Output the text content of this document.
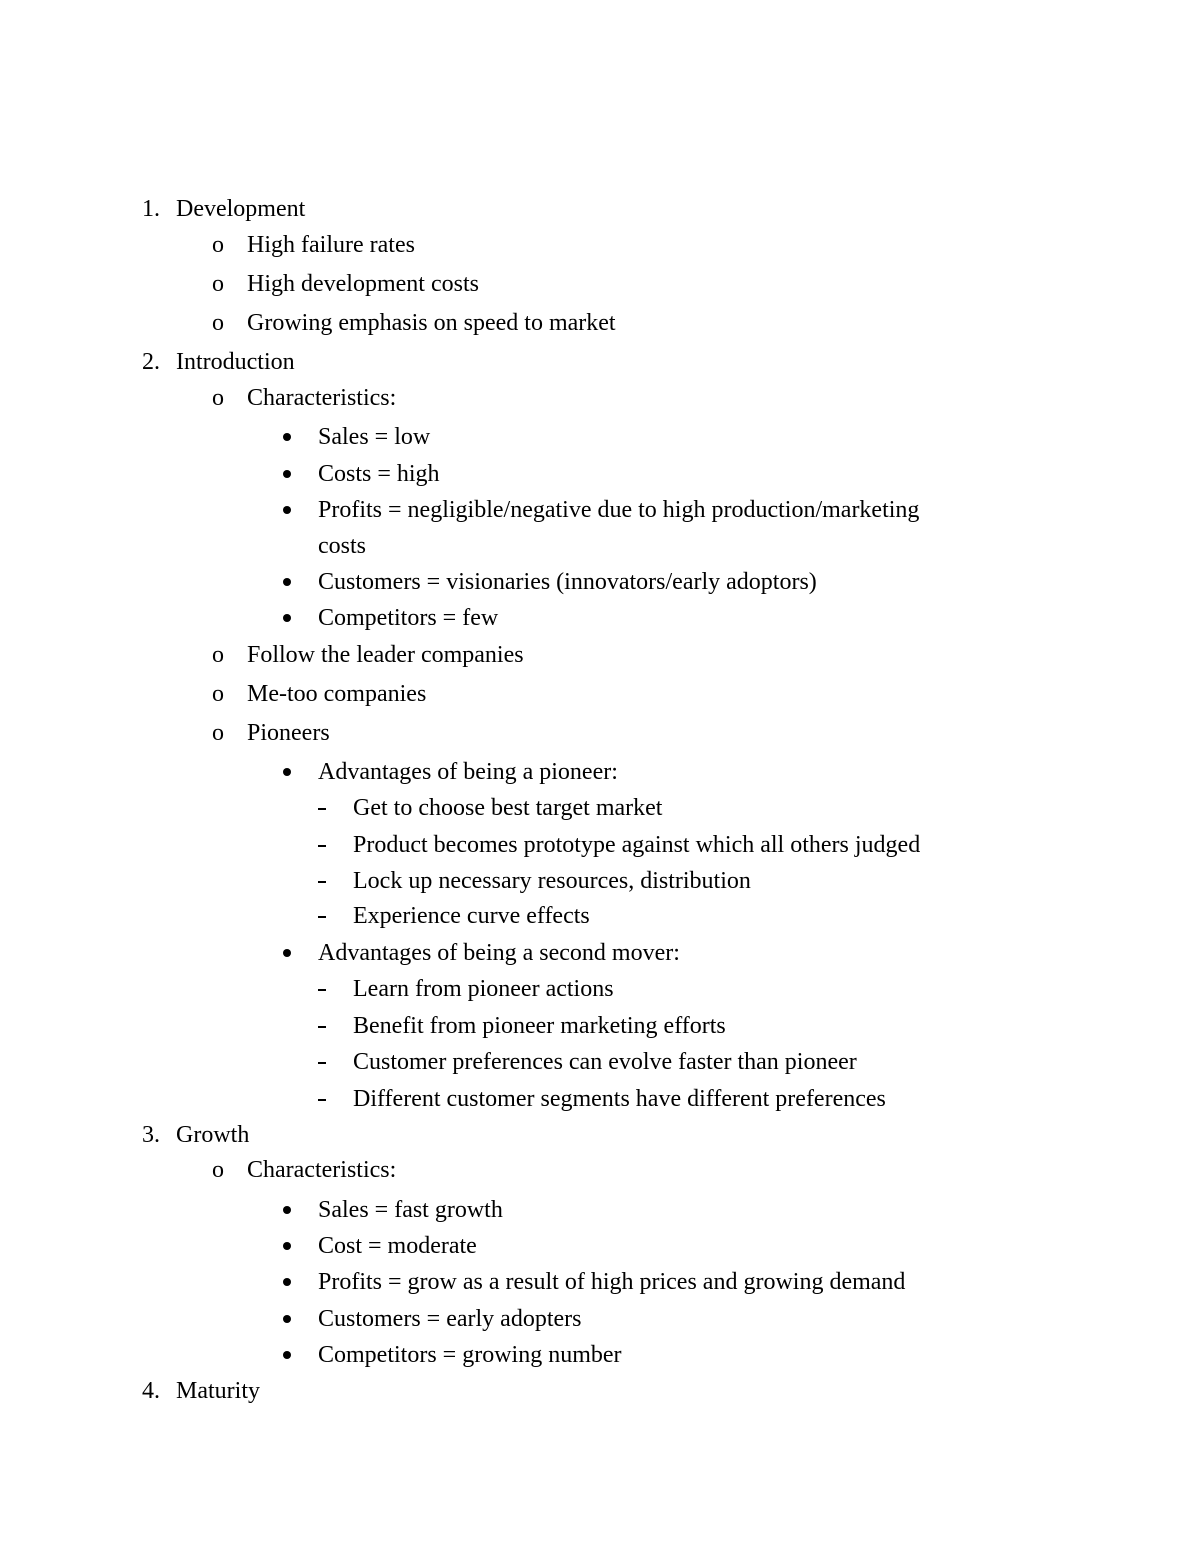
1. Development
o High failure rates
o High development costs
o Growing emphasis on speed to market
2. Introduction
o Characteristics:
Sales = low
Costs = high
Profits = negligible/negative due to high production/marketing
costs
Customers = visionaries (innovators/early adoptors)
Competitors = few
o Follow the leader companies
o Me-too companies
o Pioneers
Advantages of being a pioneer:
Get to choose best target market
Product becomes prototype against which all others judged
Lock up necessary resources, distribution
Experience curve effects
Advantages of being a second mover:
Learn from pioneer actions
Benefit from pioneer marketing efforts
Customer preferences can evolve faster than pioneer
Different customer segments have different preferences
3. Growth
o Characteristics:
Sales = fast growth
Cost = moderate
Profits = grow as a result of high prices and growing demand
Customers = early adopters
Competitors = growing number
4. Maturity
